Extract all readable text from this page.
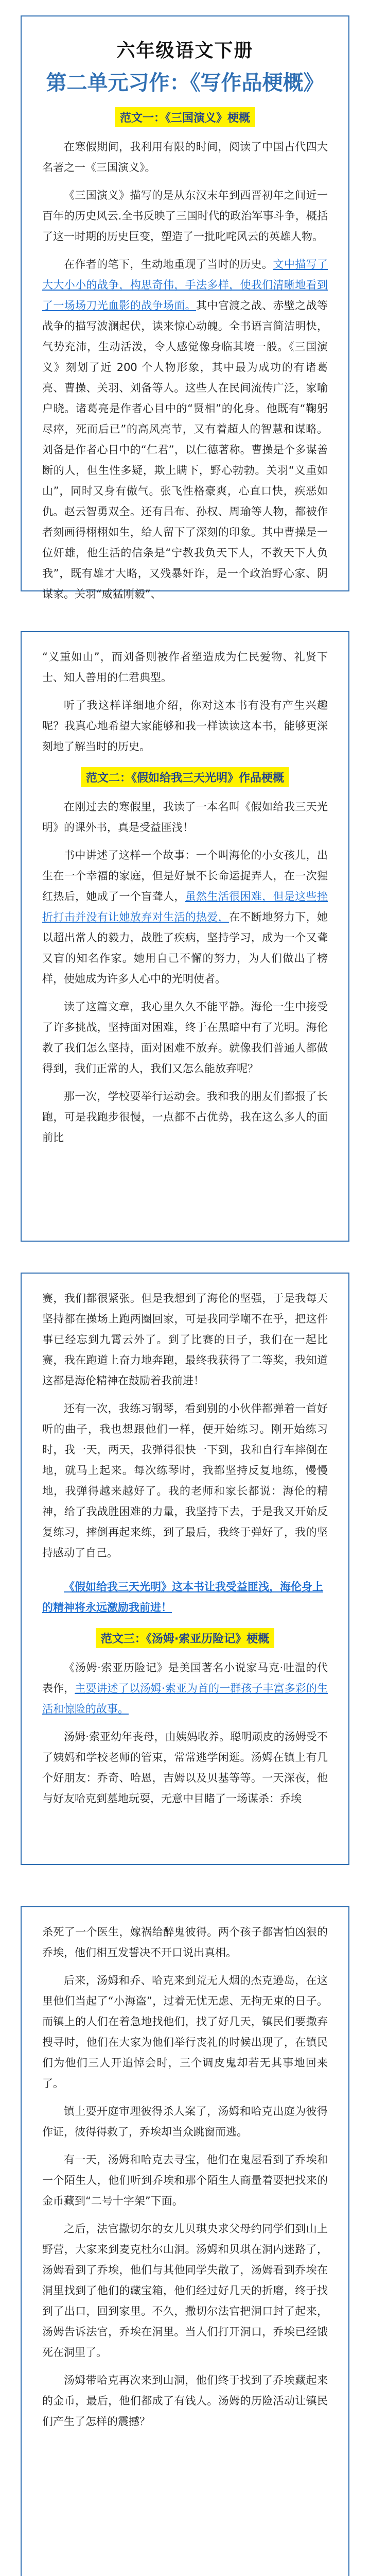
六年级语文下册
第二单元习作：《写作品梗概》
范文一：《三国演义》梗概

在寒假期间，我利用有限的时间，阅读了中国古代四大名著之一《三国演义》。

《三国演义》描写的是从东汉末年到西晋初年之间近一百年的历史风云.全书反映了三国时代的政治军事斗争，概括了这一时期的历史巨变，塑造了一批叱咤风云的英雄人物。

在作者的笔下，生动地重现了当时的历史。文中描写了大大小小的战争，构思奇伟，手法多样，使我们清晰地看到了一场场刀光血影的战争场面。其中官渡之战、赤壁之战等战争的描写波澜起伏，读来惊心动魄。全书语言简洁明快，气势充沛，生动活泼，令人感觉像身临其境一般。《三国演义》刻划了近 200 个人物形象，其中最为成功的有诸葛亮、曹操、关羽、刘备等人。这些人在民间流传广泛，家喻户晓。诸葛亮是作者心目中的“贤相”的化身。他既有“鞠躬尽瘁，死而后已”的高风亮节，又有着超人的智慧和谋略。刘备是作者心目中的“仁君”，以仁德著称。曹操是个多谋善断的人，但生性多疑，欺上瞒下，野心勃勃。关羽“义重如山”，同时又身有傲气。张飞性格豪爽，心直口快，疾恶如仇。赵云智勇双全。还有吕布、孙权、周瑜等人物，都被作者刻画得栩栩如生，给人留下了深刻的印象。其中曹操是一位奸雄，他生活的信条是“宁教我负天下人，不教天下人负我”，既有雄才大略，又残暴奸诈，是一个政治野心家、阴谋家。关羽“威猛刚毅”、

“义重如山”，而刘备则被作者塑造成为仁民爱物、礼贤下士、知人善用的仁君典型。

听了我这样详细地介绍，你对这本书有没有产生兴趣呢？我真心地希望大家能够和我一样读读这本书，能够更深刻地了解当时的历史。

范文二：《假如给我三天光明》作品梗概

在刚过去的寒假里，我读了一本名叫《假如给我三天光明》的课外书，真是受益匪浅！

书中讲述了这样一个故事：一个叫海伦的小女孩儿，出生在一个幸福的家庭，但是好景不长命运捉弄人，在一次猩红热后，她成了一个盲聋人，虽然生活很困难，但是这些挫折打击并没有让她放弃对生活的热爱，在不断地努力下，她以超出常人的毅力，战胜了疾病，坚持学习，成为一个又聋又盲的知名作家。她用自己不懈的努力，为人们做出了榜样，使她成为许多人心中的光明使者。

读了这篇文章，我心里久久不能平静。海伦一生中接受了许多挑战，坚持面对困难，终于在黑暗中有了光明。海伦教了我们怎么坚持，面对困难不放弃。就像我们普通人都做得到，我们正常的人，我们又怎么能放弃呢？

那一次，学校要举行运动会。我和我的朋友们都报了长跑，可是我跑步很慢，一点都不占优势，我在这么多人的面前比

赛，我们都很紧张。但是我想到了海伦的坚强，于是我每天坚持都在操场上跑两圈回家，可是我同学嘲不在乎，把这件事已经忘到九霄云外了。到了比赛的日子，我们在一起比赛，我在跑道上奋力地奔跑，最终我获得了二等奖，我知道这都是海伦精神在鼓励着我前进！

还有一次，我练习钢琴，看到别的小伙伴都弹着一首好听的曲子，我也想跟他们一样，便开始练习。刚开始练习时，我一天，两天，我弹得很快一下到，我和自行车摔倒在地，就马上起来。每次练琴时，我都坚持反复地练，慢慢地，我弹得越来越好了。我的老师和家长都说：海伦的精神，给了我战胜困难的力量，我坚持下去，于是我又开始反复练习，摔倒再起来练，到了最后，我终于弹好了，我的坚持感动了自己。

《假如给我三天光明》这本书让我受益匪浅，海伦身上的精神将永远激励我前进！

范文三：《汤姆·索亚历险记》梗概

《汤姆·索亚历险记》是美国著名小说家马克·吐温的代表作，主要讲述了以汤姆·索亚为首的一群孩子丰富多彩的生活和惊险的故事。

汤姆·索亚幼年丧母，由姨妈收养。聪明顽皮的汤姆受不了姨妈和学校老师的管束，常常逃学闲逛。汤姆在镇上有几个好朋友：乔奇、哈恩，吉姆以及贝基等等。一天深夜，他与好友哈克到墓地玩耍，无意中目睹了一场谋杀：乔埃

杀死了一个医生，嫁祸给醉鬼彼得。两个孩子都害怕凶狠的乔埃，他们相互发誓决不开口说出真相。

后来，汤姆和乔、哈克来到荒无人烟的杰克逊岛，在这里他们当起了“小海盗”，过着无忧无虑、无拘无束的日子。而镇上的人们在着急地找他们，找了好几天，镇民们要撒弃搜寻时，他们在大家为他们举行丧礼的时候出现了，在镇民们为他们三人开追悼会时，三个调皮鬼却若无其事地回来了。

镇上要开庭审理彼得杀人案了，汤姆和哈克出庭为彼得作证，彼得得救了，乔埃却当众跳窗而逃。

有一天，汤姆和哈克去寻宝，他们在鬼屋看到了乔埃和一个陌生人，他们听到乔埃和那个陌生人商量着要把找来的金币藏到“二号十字架”下面。

之后，法官撒切尔的女儿贝琪央求父母约同学们到山上野营，大家来到麦克杜尔山洞。汤姆和贝琪在洞内迷路了，汤姆看到了乔埃，他们与其他同学失散了，汤姆看到乔埃在洞里找到了他们的藏宝箱，他们经过好几天的折磨，终于找到了出口，回到家里。不久，撒切尔法官把洞口封了起来，汤姆告诉法官，乔埃在洞里。当人们打开洞口，乔埃已经饿死在洞里了。

汤姆带哈克再次来到山洞，他们终于找到了乔埃藏起来的金币，最后，他们都成了有钱人。汤姆的历险活动让镇民们产生了怎样的震撼？
